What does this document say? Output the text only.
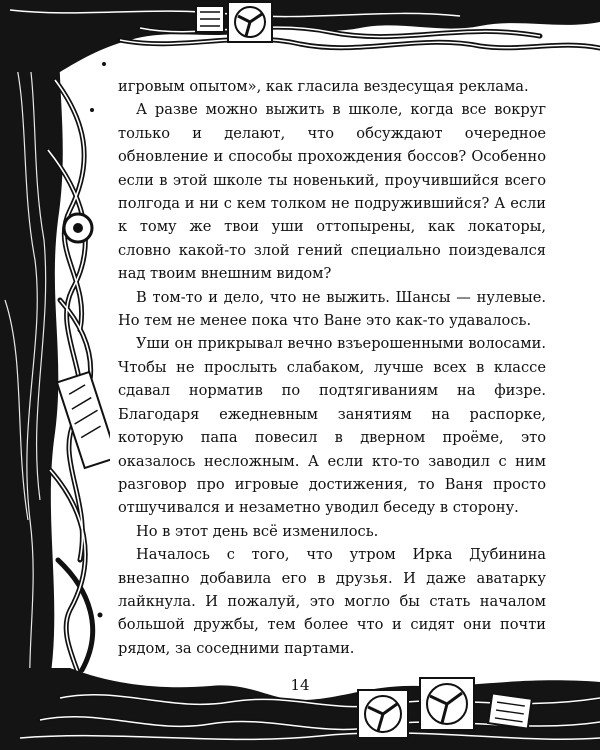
игровым опытом», как гласила вездесущая реклама.

А разве можно выжить в школе, когда все вокруг только и делают, что обсуждают очередное обновление и способы прохождения боссов? Особенно если в этой школе ты новенький, проучившийся всего полгода и ни с кем толком не подружившийся? А если к тому же твои уши оттопырены, как локаторы, словно какой-то злой гений специально поиздевался над твоим внешним видом?

В том-то и дело, что не выжить. Шансы — нулевые. Но тем не менее пока что Ване это как-то удавалось.

Уши он прикрывал вечно взъерошенными волосами. Чтобы не прослыть слабаком, лучше всех в классе сдавал норматив по подтягиваниям на физре. Благодаря ежедневным занятиям на распорке, которую папа повесил в дверном проёме, это оказалось несложным. А если кто-то заводил с ним разговор про игровые достижения, то Ваня просто отшучивался и незаметно уводил беседу в сторону.

Но в этот день всё изменилось.

Началось с того, что утром Ирка Дубинина внезапно добавила его в друзья. И даже аватарку лайкнула. И пожалуй, это могло бы стать началом большой дружбы, тем более что и сидят они почти рядом, за соседними партами.

14
